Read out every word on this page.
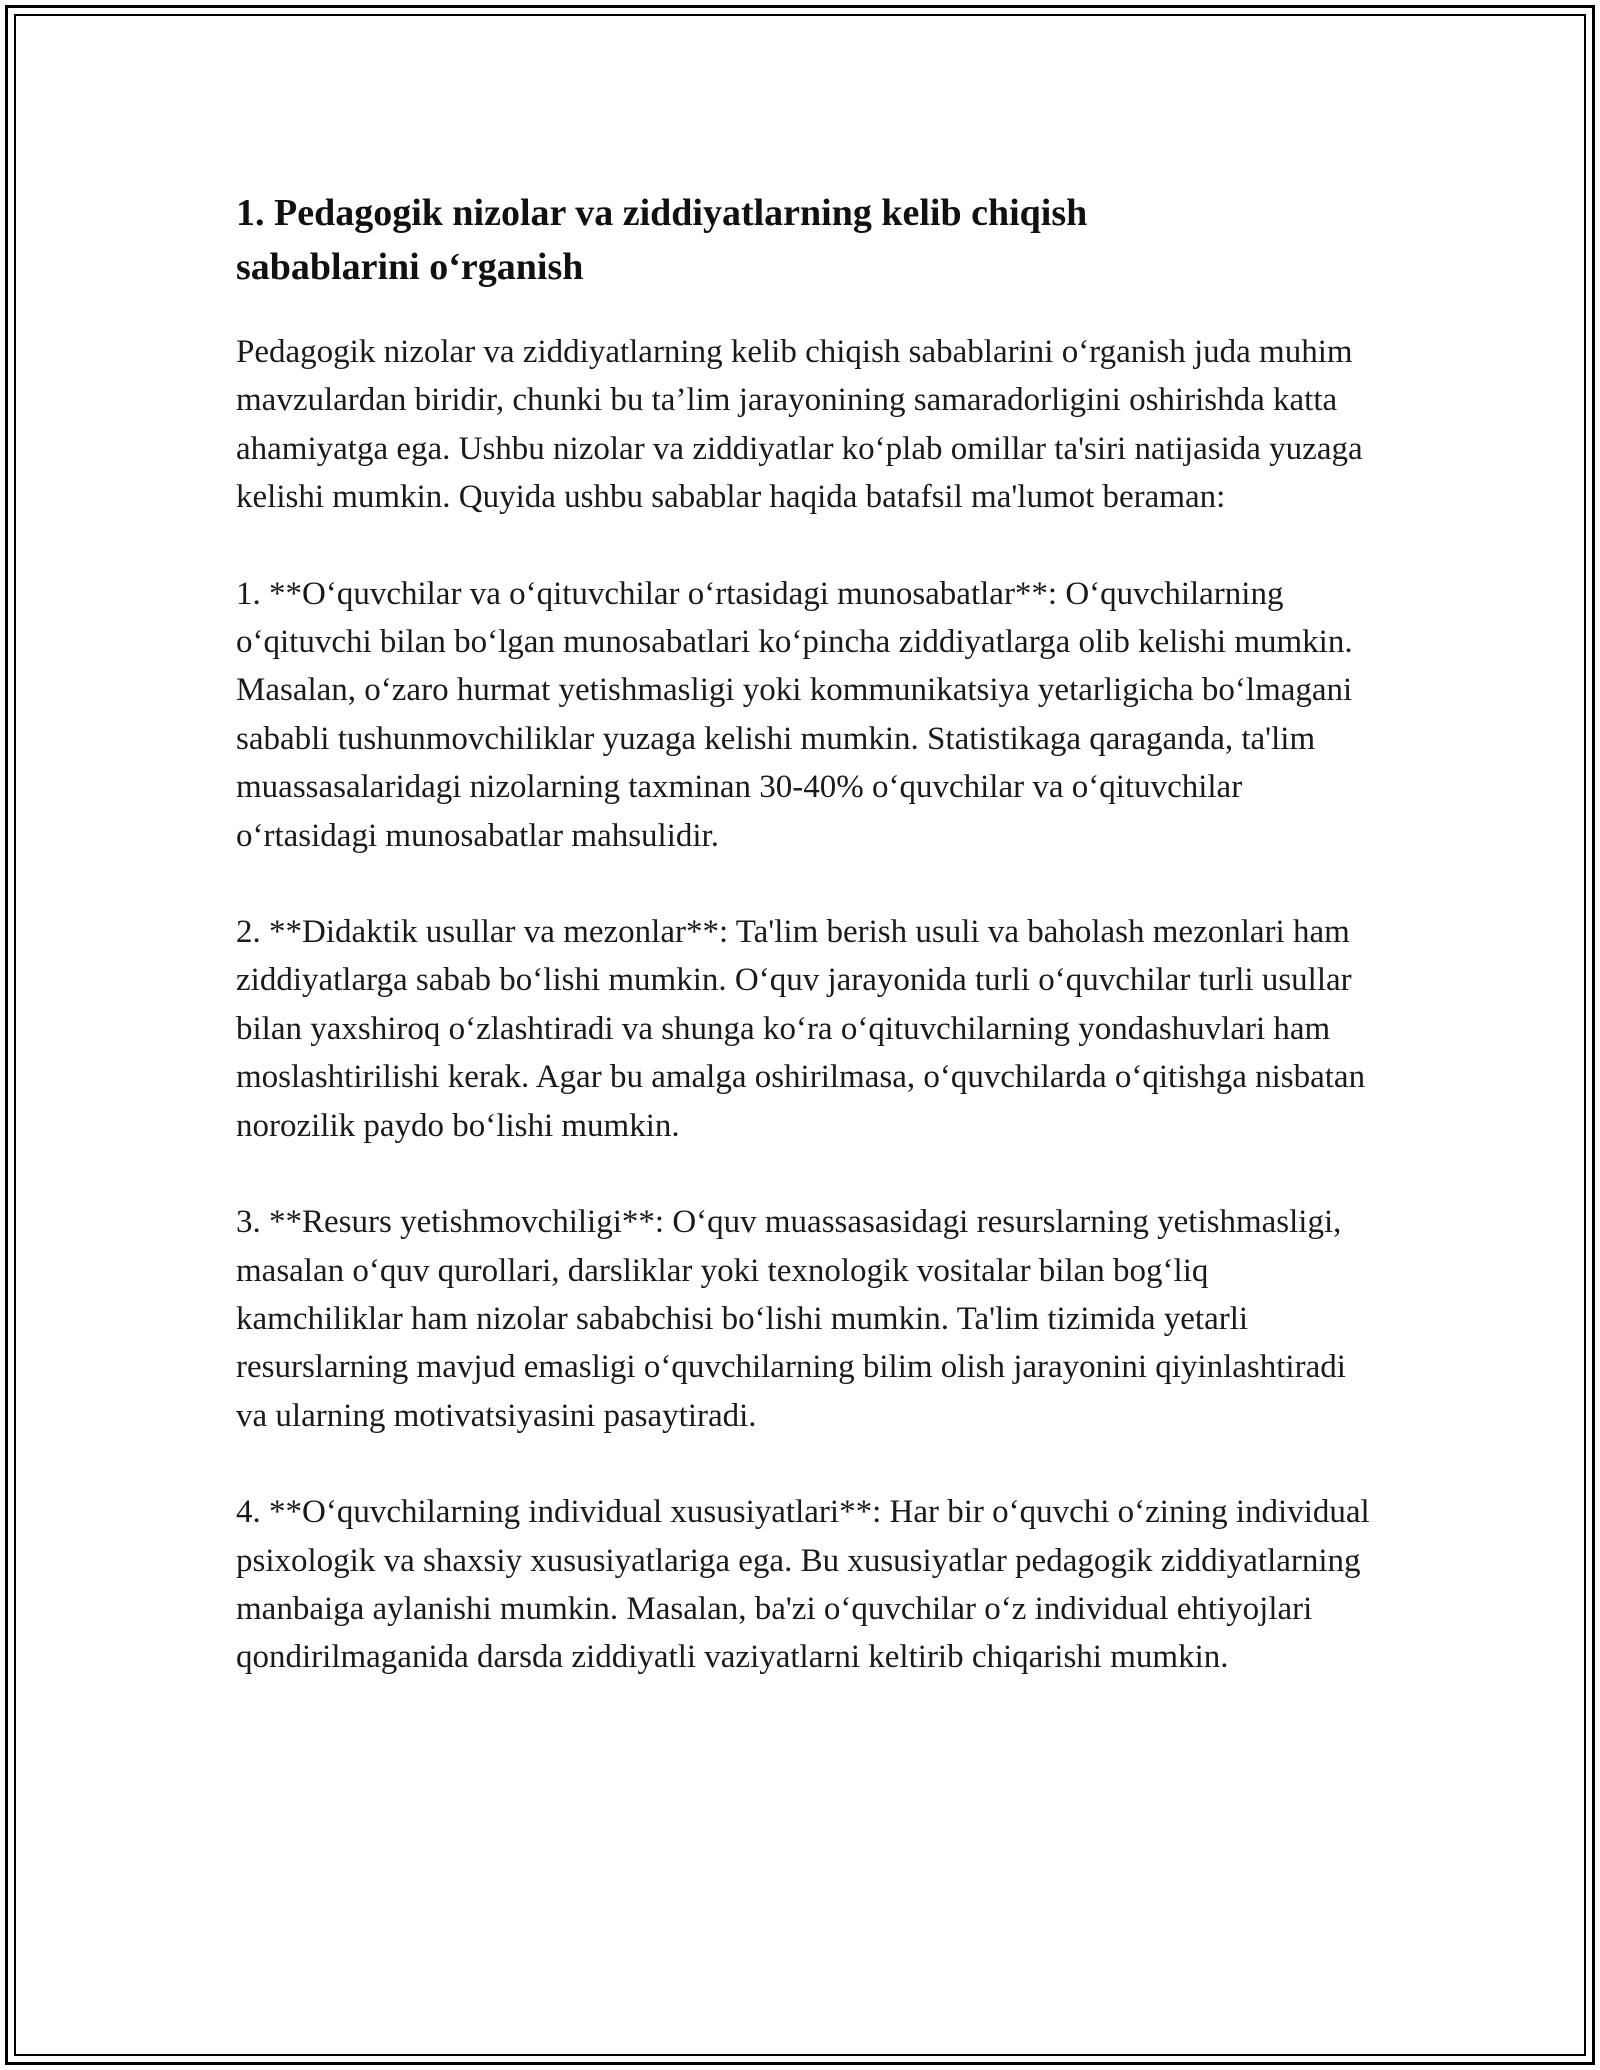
1. Pedagogik nizolar va ziddiyatlarning kelib chiqish sabablarini o‘rganish

Pedagogik nizolar va ziddiyatlarning kelib chiqish sabablarini o‘rganish juda muhim mavzulardan biridir, chunki bu ta’lim jarayonining samaradorligini oshirishda katta ahamiyatga ega. Ushbu nizolar va ziddiyatlar ko‘plab omillar ta'siri natijasida yuzaga kelishi mumkin. Quyida ushbu sabablar haqida batafsil ma'lumot beraman:

1. **O‘quvchilar va o‘qituvchilar o‘rtasidagi munosabatlar**: O‘quvchilarning o‘qituvchi bilan bo‘lgan munosabatlari ko‘pincha ziddiyatlarga olib kelishi mumkin. Masalan, o‘zaro hurmat yetishmasligi yoki kommunikatsiya yetarligicha bo‘lmagani sababli tushunmovchiliklar yuzaga kelishi mumkin. Statistikaga qaraganda, ta'lim muassasalaridagi nizolarning taxminan 30-40% o‘quvchilar va o‘qituvchilar o‘rtasidagi munosabatlar mahsulidir.

2. **Didaktik usullar va mezonlar**: Ta'lim berish usuli va baholash mezonlari ham ziddiyatlarga sabab bo‘lishi mumkin. O‘quv jarayonida turli o‘quvchilar turli usullar bilan yaxshiroq o‘zlashtiradi va shunga ko‘ra o‘qituvchilarning yondashuvlari ham moslashtirilishi kerak. Agar bu amalga oshirilmasa, o‘quvchilarda o‘qitishga nisbatan norozilik paydo bo‘lishi mumkin.

3. **Resurs yetishmovchiligi**: O‘quv muassasasidagi resurslarning yetishmasligi, masalan o‘quv qurollari, darsliklar yoki texnologik vositalar bilan bog‘liq kamchiliklar ham nizolar sababchisi bo‘lishi mumkin. Ta'lim tizimida yetarli resurslarning mavjud emasligi o‘quvchilarning bilim olish jarayonini qiyinlashtiradi va ularning motivatsiyasini pasaytiradi.

4. **O‘quvchilarning individual xususiyatlari**: Har bir o‘quvchi o‘zining individual psixologik va shaxsiy xususiyatlariga ega. Bu xususiyatlar pedagogik ziddiyatlarning manbaiga aylanishi mumkin. Masalan, ba'zi o‘quvchilar o‘z individual ehtiyojlari qondirilmaganida darsda ziddiyatli vaziyatlarni keltirib chiqarishi mumkin.
